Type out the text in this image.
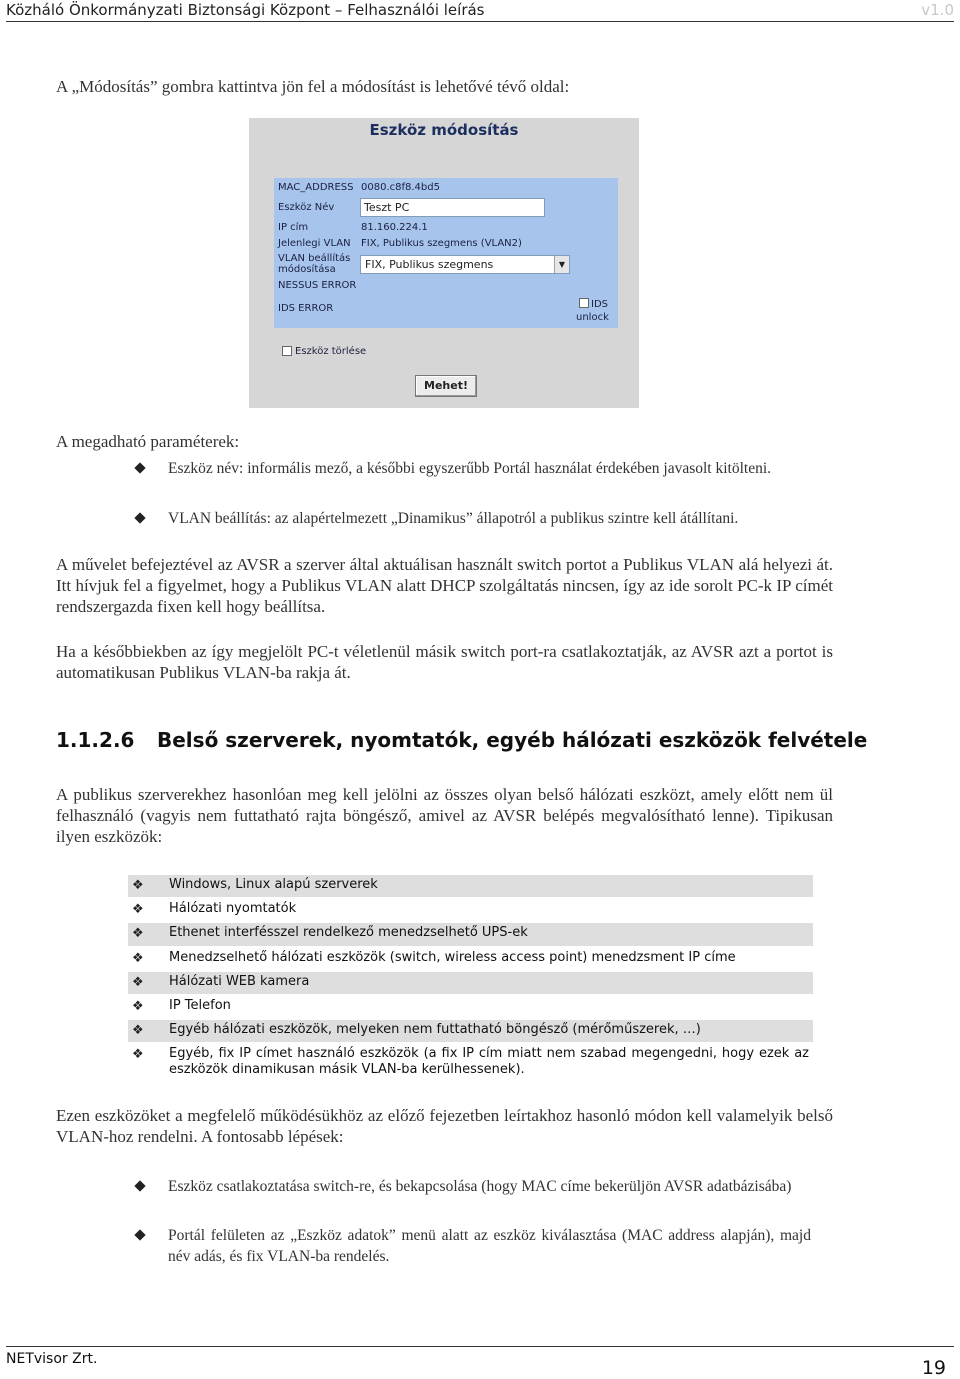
Közháló Önkormányzati Biztonsági Központ – Felhasználói leírás	v1.0
A „Módosítás” gombra kattintva jön fel a módosítást is lehetővé tévő oldal:
Eszköz módosítás
MAC_ADDRESS 0080.c8f8.4bd5
Eszköz Név	Teszt PC
IP cím	81.160.224.1
Jelenlegi VLAN FIX, Publikus szegmens (VLAN2)
VLAN beállítás
módosítása	FIX, Publikus szegmens	▼
NESSUS ERROR
IDS ERROR	IDS
unlock
Eszköz törlése
Mehet!
A megadható paraméterek:
Eszköz név: informális mező, a későbbi egyszerűbb Portál használat érdekében javasolt kitölteni.
VLAN beállítás: az alapértelmezett „Dinamikus” állapotról a publikus szintre kell átállítani.
A művelet befejeztével az AVSR a szerver által aktuálisan használt switch portot a Publikus VLAN alá helyezi át. Itt hívjuk fel a figyelmet, hogy a Publikus VLAN alatt DHCP szolgáltatás nincsen, így az ide sorolt PC-k IP címét rendszergazda fixen kell hogy beállítsa.
Ha a későbbiekben az így megjelölt PC-t véletlenül másik switch port-ra csatlakoztatják, az AVSR azt a portot is automatikusan Publikus VLAN-ba rakja át.
1.1.2.6 Belső szerverek, nyomtatók, egyéb hálózati eszközök felvétele
A publikus szerverekhez hasonlóan meg kell jelölni az összes olyan belső hálózati eszközt, amely előtt nem ül felhasználó (vagyis nem futtatható rajta böngésző, amivel az AVSR belépés megvalósítható lenne). Tipikusan ilyen eszközök:
❖ Windows, Linux alapú szerverek
❖ Hálózati nyomtatók
❖ Ethenet interfésszel rendelkező menedzselhető UPS-ek
❖ Menedzselhető hálózati eszközök (switch, wireless access point) menedzsment IP címe
❖ Hálózati WEB kamera
❖ IP Telefon
❖ Egyéb hálózati eszközök, melyeken nem futtatható böngésző (mérőműszerek, …)
❖ Egyéb, fix IP címet használó eszközök (a fix IP cím miatt nem szabad megengedni, hogy ezek az eszközök dinamikusan másik VLAN-ba kerülhessenek).
Ezen eszközöket a megfelelő működésükhöz az előző fejezetben leírtakhoz hasonló módon kell valamelyik belső VLAN-hoz rendelni. A fontosabb lépések:
Eszköz csatlakoztatása switch-re, és bekapcsolása (hogy MAC címe bekerüljön AVSR adatbázisába)
Portál felületen az „Eszköz adatok” menü alatt az eszköz kiválasztása (MAC address alapján), majd név adás, és fix VLAN-ba rendelés.
NETvisor Zrt.	19
